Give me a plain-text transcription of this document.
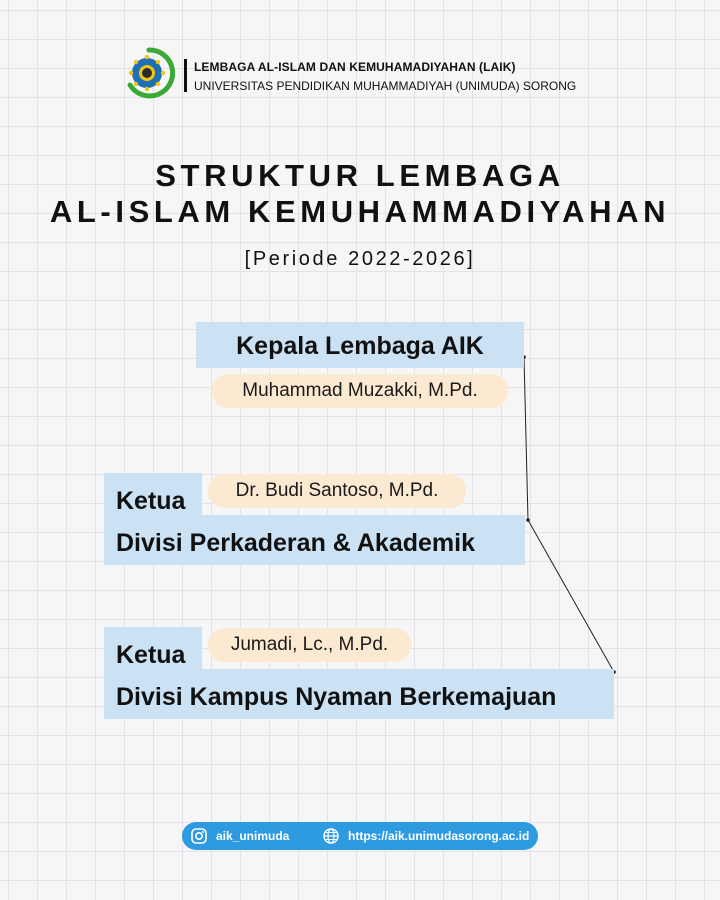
LEMBAGA AL-ISLAM DAN KEMUHAMADIYAHAN (LAIK)
UNIVERSITAS PENDIDIKAN MUHAMMADIYAH (UNIMUDA) SORONG
STRUKTUR LEMBAGA
AL-ISLAM KEMUHAMMADIYAHAN
[Periode 2022-2026]
Kepala Lembaga AIK
Muhammad Muzakki, M.Pd.
Ketua
Divisi Perkaderan & Akademik
Dr. Budi Santoso, M.Pd.
Ketua
Divisi Kampus Nyaman Berkemajuan
Jumadi, Lc., M.Pd.
aik_unimuda	https://aik.unimudasorong.ac.id
